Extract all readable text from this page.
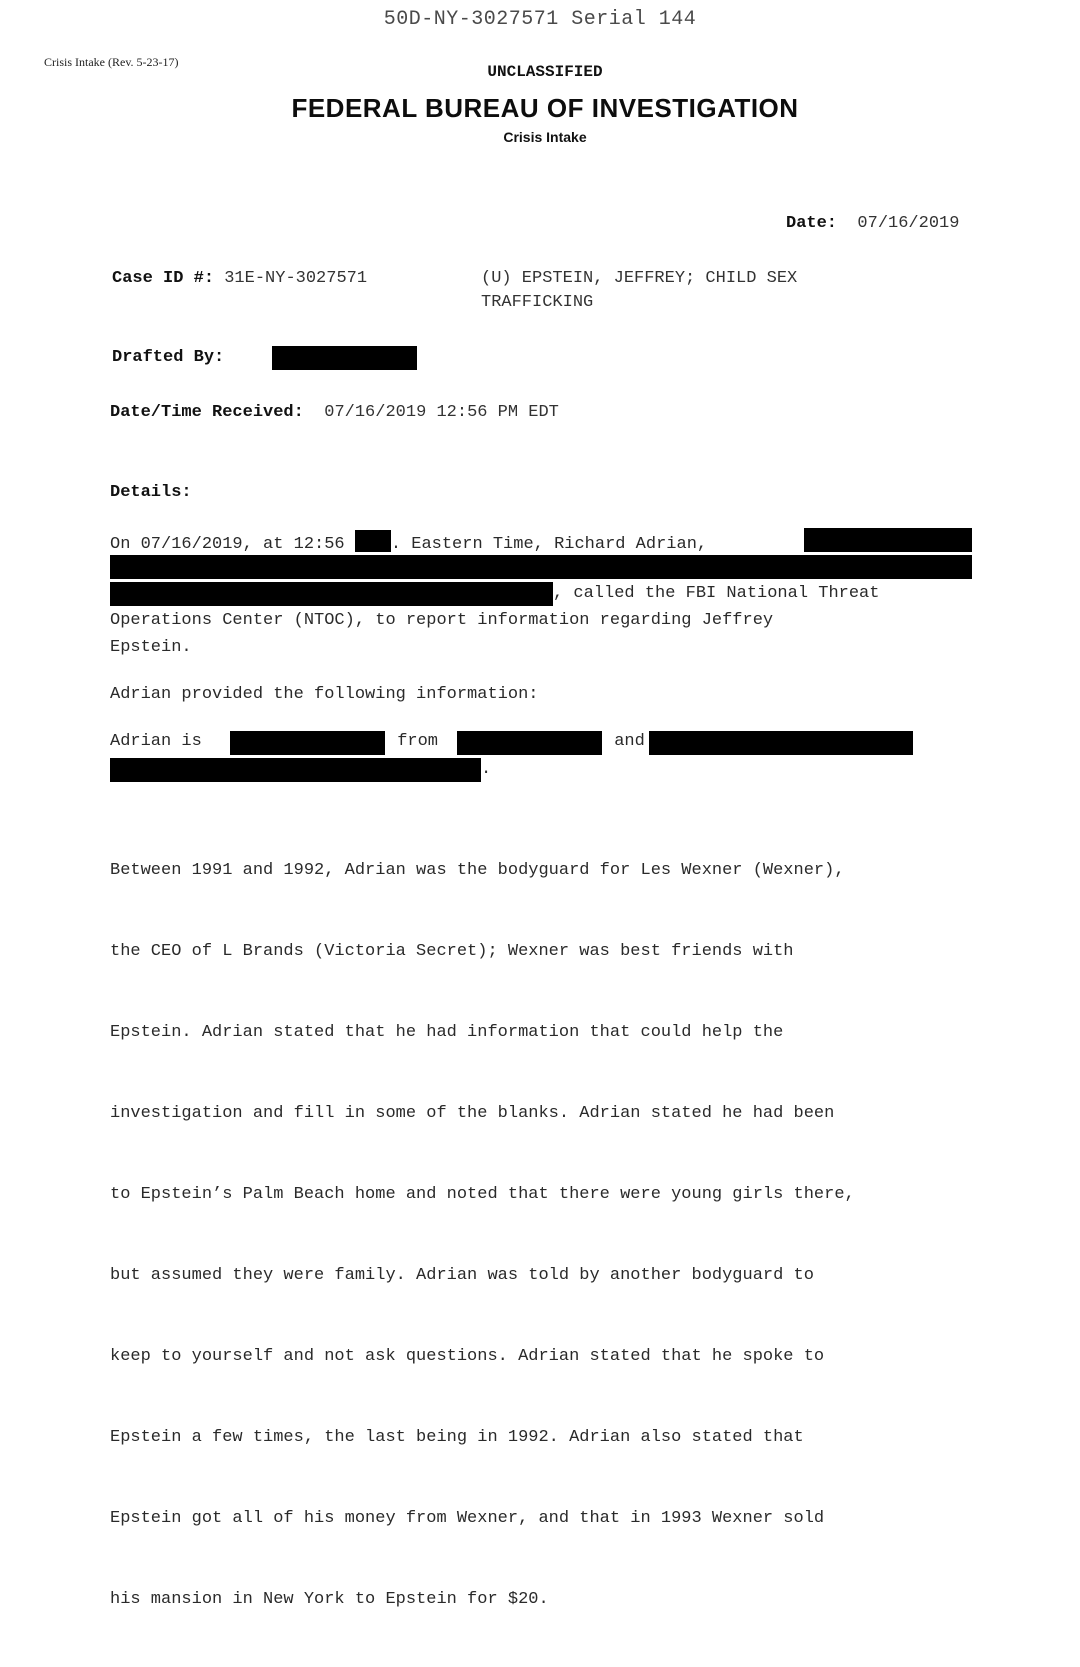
50D-NY-3027571 Serial 144
Crisis Intake (Rev. 5-23-17)
UNCLASSIFIED
FEDERAL BUREAU OF INVESTIGATION
Crisis Intake
Date: 07/16/2019
Case ID #: 31E-NY-3027571	(U) EPSTEIN, JEFFREY; CHILD SEX
TRAFFICKING
Drafted By:
Date/Time Received: 07/16/2019 12:56 PM EDT
Details:
On 07/16/2019, at 12:56 . Eastern Time, Richard Adrian,
, called the FBI National Threat
Operations Center (NTOC), to report information regarding Jeffrey
Epstein.
Adrian provided the following information:
Adrian is	from	and
.

Between 1991 and 1992, Adrian was the bodyguard for Les Wexner (Wexner),

the CEO of L Brands (Victoria Secret); Wexner was best friends with

Epstein. Adrian stated that he had information that could help the

investigation and fill in some of the blanks. Adrian stated he had been

to Epstein’s Palm Beach home and noted that there were young girls there,

but assumed they were family. Adrian was told by another bodyguard to

keep to yourself and not ask questions. Adrian stated that he spoke to

Epstein a few times, the last being in 1992. Adrian also stated that

Epstein got all of his money from Wexner, and that in 1993 Wexner sold

his mansion in New York to Epstein for $20.
